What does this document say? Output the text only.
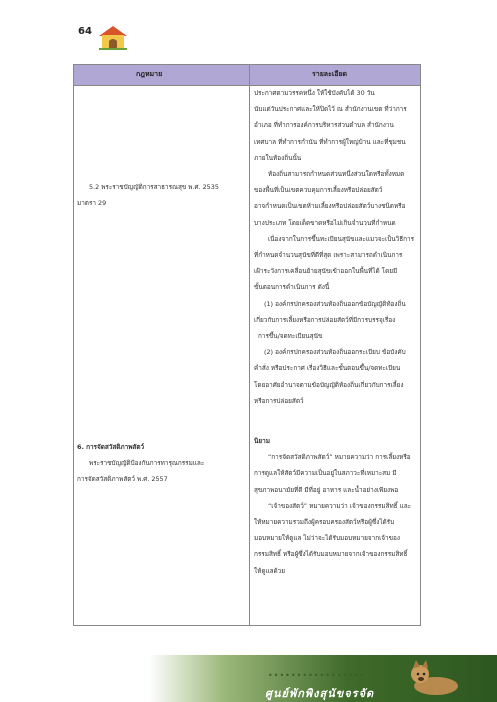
64
กฎหมาย	รายละเอียด

5.2 พระราชบัญญัติการสาธารณสุข พ.ศ. 2535

มาตรา 29

6. การจัดสวัสดิภาพสัตว์

พระราชบัญญัติป้องกันการทารุณกรรมและ

การจัดสวัสดิภาพสัตว์ พ.ศ. 2557

ประกาศตามวรรคหนึ่ง ให้ใช้บังคับได้ 30 วัน

นับแต่วันประกาศและให้ปิดไว้ ณ สำนักงานเขต ที่ว่าการ

อำเภอ ที่ทำการองค์การบริหารส่วนตำบล สำนักงาน

เทศบาล ที่ทำการกำนัน ที่ทำการผู้ใหญ่บ้าน และที่ชุมชน

ภายในท้องถิ่นนั้น

ท้องถิ่นสามารถกำหนดส่วนหนึ่งส่วนใดหรือทั้งหมด

ของพื้นที่เป็นเขตควบคุมการเลี้ยงหรือปล่อยสัตว์

อาจกำหนดเป็นเขตห้ามเลี้ยงหรือปล่อยสัตว์บางชนิดหรือ

บางประเภท โดยเด็ดขาดหรือไม่เกินจำนวนที่กำหนด

เนื่องจากในการขึ้นทะเบียนสุนัขและแมวจะเป็นวิธีการ

ที่กำหนดจำนวนสุนัขที่ดีที่สุด เพราะสามารถดำเนินการ

เฝ้าระวังการเคลื่อนย้ายสุนัขเข้าออกในพื้นที่ได้ โดยมี

ขั้นตอนการดำเนินการ ดังนี้

(1) องค์กรปกครองส่วนท้องถิ่นออกข้อบัญญัติท้องถิ่น

เกี่ยวกับการเลี้ยงหรือการปล่อยสัตว์ที่มีการบรรจุเรื่อง

การขึ้น/จดทะเบียนสุนัข

(2) องค์กรปกครองส่วนท้องถิ่นออกระเบียบ ข้อบังคับ

คำสั่ง หรือประกาศ เรื่องวิธีและขั้นตอนขึ้น/จดทะเบียน

โดยอาศัยอำนาจตามข้อบัญญัติท้องถิ่นเกี่ยวกับการเลี้ยง

หรือการปล่อยสัตว์

นิยาม

“การจัดสวัสดิภาพสัตว์” หมายความว่า การเลี้ยงหรือ

การดูแลให้สัตว์มีความเป็นอยู่ในสภาวะที่เหมาะสม มี

สุขภาพอนามัยที่ดี มีที่อยู่ อาหาร และน้ำอย่างเพียงพอ

“เจ้าของสัตว์” หมายความว่า เจ้าของกรรมสิทธิ์ และ

ให้หมายความรวมถึงผู้ครอบครองสัตว์หรือผู้ซึ่งได้รับ

มอบหมายให้ดูแล ไม่ว่าจะได้รับมอบหมายจากเจ้าของ

กรรมสิทธิ์ หรือผู้ซึ่งได้รับมอบหมายจากเจ้าของกรรมสิทธิ์

ให้ดูแลด้วย

•••••••••••••••••
ศูนย์พักพิงสุนัขจรจัด
